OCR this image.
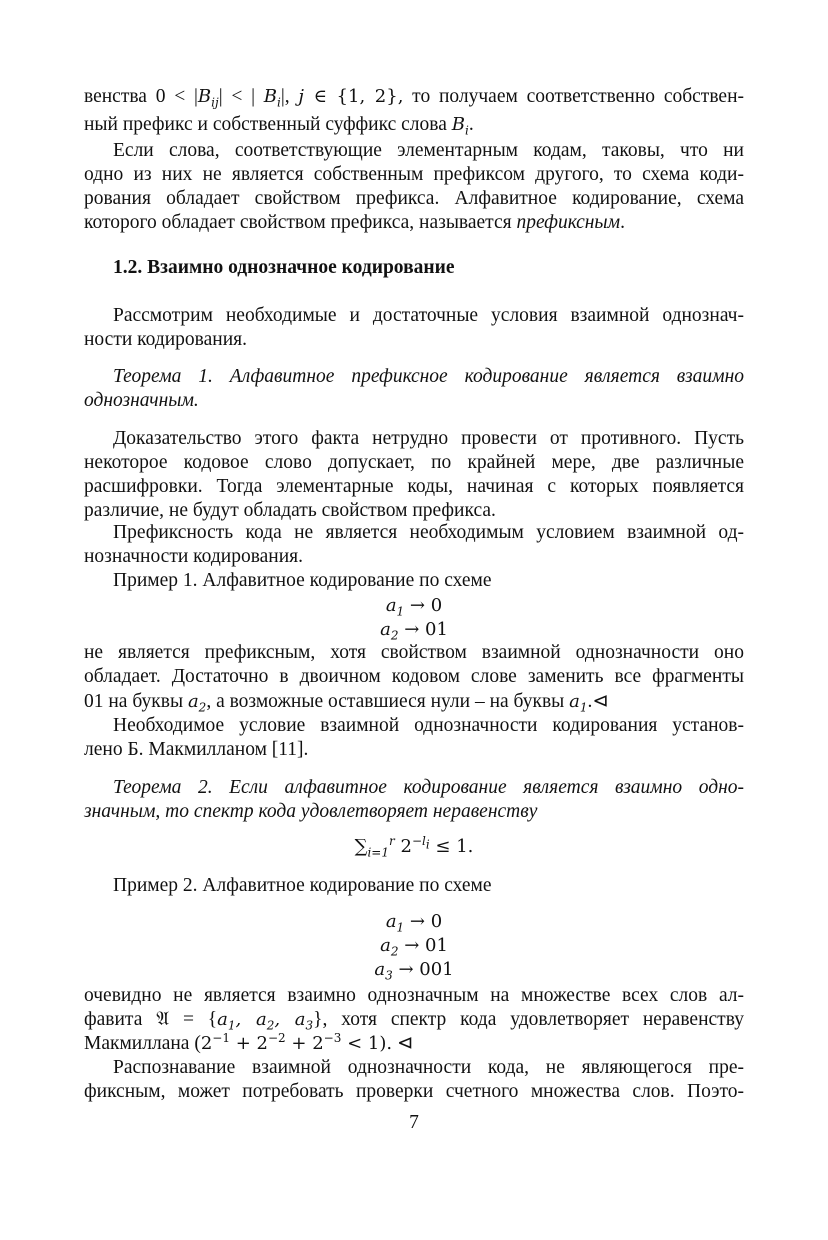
венства $0 < |B_{ij}|$ < | $B_i|$, j ∈ {1, 2}, то получаем соответственно собствен-
ный префикс и собственный суффикс слова $B_i$.
Если слова, соответствующие элементарным кодам, таковы, что ни
одно из них не является собственным префиксом другого, то схема коди-
рования обладает свойством префикса. Алфавитное кодирование, схема
которого обладает свойством префикса, называется префиксным.
1.2. Взаимно однозначное кодирование
Рассмотрим необходимые и достаточные условия взаимной однознач-
ности кодирования.
Теорема 1. Алфавитное префиксное кодирование является взаимно
однозначным.
Доказательство этого факта нетрудно провести от противного. Пусть
некоторое кодовое слово допускает, по крайней мере, две различные
расшифровки. Тогда элементарные коды, начиная с которых появляется
различие, не будут обладать свойством префикса.
Префиксность кода не является необходимым условием взаимной од-
нозначности кодирования.
Пример 1. Алфавитное кодирование по схеме
$a_1 \to 0$
$a_2 \to 01$
не является префиксным, хотя свойством взаимной однозначности оно
обладает. Достаточно в двоичном кодовом слове заменить все фрагменты
01 на буквы $a_2$, а возможные оставшиеся нули – на буквы $a_1.⊲$
Необходимое условие взаимной однозначности кодирования установ-
лено Б. Макмилланом [11].
Теорема 2. Если алфавитное кодирование является взаимно одно-
значным, то спектр кода удовлетворяет неравенству
$\sum_{i=1}^r$ $2^{-l_i} \le 1$.
Пример 2. Алфавитное кодирование по схеме
$a_1 \to 0$
$a_2 \to 01$
$a_3 \to 001$
очевидно не является взаимно однозначным на множестве всех слов ал-
фавита 𝔄 = {$a_1$, $a_2$, $a_3$}, хотя спектр кода удовлетворяет неравенству
Макмиллана $(2^{-1} + 2^{-2} + 2^{-3} < 1)$. ⊲
Распознавание взаимной однозначности кода, не являющегося пре-
фиксным, может потребовать проверки счетного множества слов. Поэто-
7
